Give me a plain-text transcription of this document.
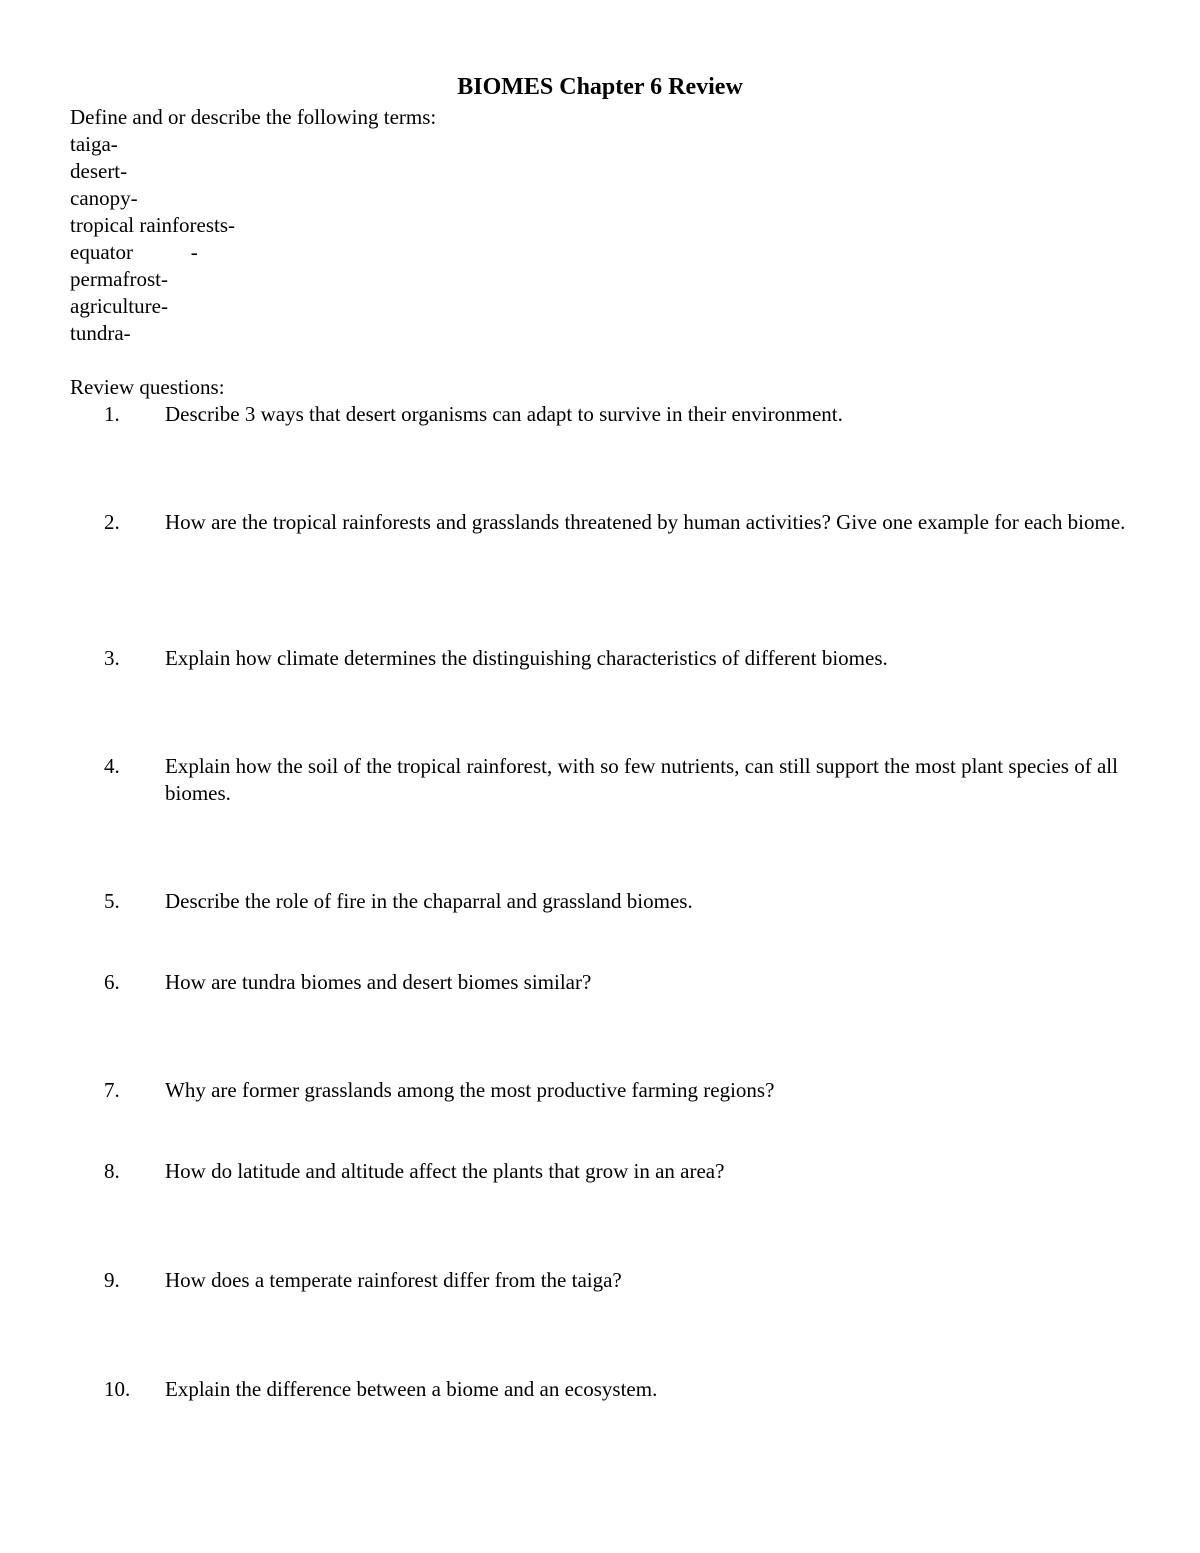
BIOMES Chapter 6 Review

Define and or describe the following terms:

taiga-
desert-
canopy-
tropical rainforests-
equator           -
permafrost-
agriculture-
tundra-

Review questions:

1. Describe 3 ways that desert organisms can adapt to survive in their environment.
2. How are the tropical rainforests and grasslands threatened by human activities? Give one example for each biome.
3. Explain how climate determines the distinguishing characteristics of different biomes.
4. Explain how the soil of the tropical rainforest, with so few nutrients, can still support the most plant species of all biomes.
5. Describe the role of fire in the chaparral and grassland biomes.
6. How are tundra biomes and desert biomes similar?
7. Why are former grasslands among the most productive farming regions?
8. How do latitude and altitude affect the plants that grow in an area?
9. How does a temperate rainforest differ from the taiga?
10. Explain the difference between a biome and an ecosystem.
